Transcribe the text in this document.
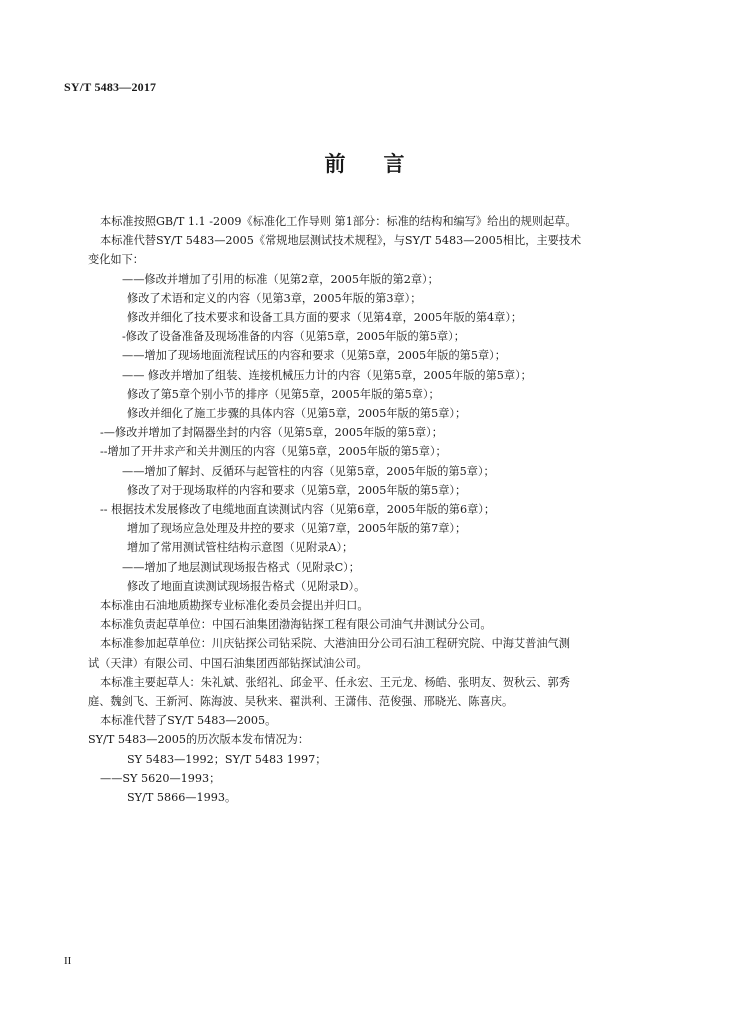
SY/T 5483—2017
前言
本标准按照GB/T 1.1 -2009《标准化工作导则 第1部分：标准的结构和编写》给出的规则起草。
本标准代替SY/T 5483—2005《常规地层测试技术规程》，与SY/T 5483—2005相比，主要技术
变化如下：
——修改并增加了引用的标准（见第2章，2005年版的第2章）；
修改了术语和定义的内容（见第3章，2005年版的第3章）；
修改并细化了技术要求和设备工具方面的要求（见第4章，2005年版的第4章）；
-修改了设备准备及现场准备的内容（见第5章，2005年版的第5章）；
——增加了现场地面流程试压的内容和要求（见第5章，2005年版的第5章）；
—— 修改并增加了组装、连接机械压力计的内容（见第5章，2005年版的第5章）；
修改了第5章个别小节的排序（见第5章，2005年版的第5章）；
修改并细化了施工步骤的具体内容（见第5章，2005年版的第5章）；
-—修改并增加了封隔器坐封的内容（见第5章，2005年版的第5章）；
--增加了开井求产和关井测压的内容（见第5章，2005年版的第5章）；
——增加了解封、反循环与起管柱的内容（见第5章，2005年版的第5章）；
修改了对于现场取样的内容和要求（见第5章，2005年版的第5章）；
-- 根据技术发展修改了电缆地面直读测试内容（见第6章，2005年版的第6章）；
增加了现场应急处理及井控的要求（见第7章，2005年版的第7章）；
增加了常用测试管柱结构示意图（见附录A）；
——增加了地层测试现场报告格式（见附录C）；
修改了地面直读测试现场报告格式（见附录D）。
本标准由石油地质勘探专业标准化委员会提出并归口。
本标准负责起草单位：中国石油集团渤海钻探工程有限公司油气井测试分公司。
本标准参加起草单位：川庆钻探公司钻采院、大港油田分公司石油工程研究院、中海艾普油气测
试（天津）有限公司、中国石油集团西部钻探试油公司。
本标准主要起草人：朱礼斌、张绍礼、邱金平、任永宏、王元龙、杨皓、张明友、贺秋云、郭秀
庭、魏剑飞、王新河、陈海波、吴秋来、翟洪利、王潇伟、范俊强、邢晓光、陈喜庆。
本标准代替了SY/T 5483—2005。
SY/T 5483—2005的历次版本发布情况为：
SY 5483—1992；SY/T 5483 1997；
——SY 5620—1993；
SY/T 5866—1993。
II
